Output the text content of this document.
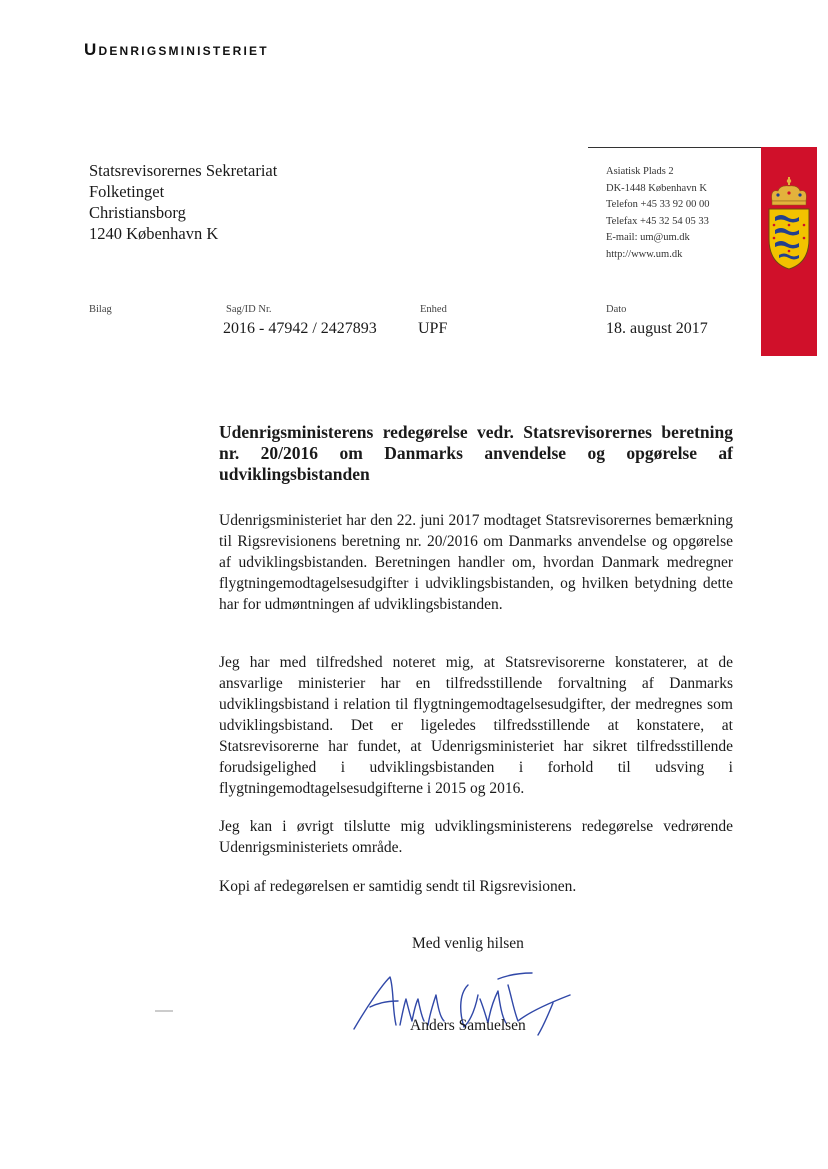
Udenrigsministeriet
Statsrevisorernes Sekretariat
Folketinget
Christiansborg
1240 København K
Asiatisk Plads 2
DK-1448 København K
Telefon +45 33 92 00 00
Telefax +45 32 54 05 33
E-mail: um@um.dk
http://www.um.dk
Bilag	Sag/ID Nr.
2016 - 47942 / 2427893
Enhed
UPF
Dato
18. august 2017
Udenrigsministerens redegørelse vedr. Statsrevisorernes beretning nr. 20/2016 om Danmarks anvendelse og opgørelse af udviklingsbistanden
Udenrigsministeriet har den 22. juni 2017 modtaget Statsrevisorernes bemærkning til Rigsrevisionens beretning nr. 20/2016 om Danmarks anvendelse og opgørelse af udviklingsbistanden. Beretningen handler om, hvordan Danmark medregner flygtningemodtagelsesudgifter i udviklingsbistanden, og hvilken betydning dette har for udmøntningen af udviklingsbistanden.
Jeg har med tilfredshed noteret mig, at Statsrevisorerne konstaterer, at de ansvarlige ministerier har en tilfredsstillende forvaltning af Danmarks udviklingsbistand i relation til flygtningemodtagelsesudgifter, der medregnes som udviklingsbistand. Det er ligeledes tilfredsstillende at konstatere, at Statsrevisorerne har fundet, at Udenrigsministeriet har sikret tilfredsstillende forudsigelighed i udviklingsbistanden i forhold til udsving i flygtningemodtagelsesudgifterne i 2015 og 2016.
Jeg kan i øvrigt tilslutte mig udviklingsministerens redegørelse vedrørende Udenrigsministeriets område.
Kopi af redegørelsen er samtidig sendt til Rigsrevisionen.
Med venlig hilsen
Anders Samuelsen
